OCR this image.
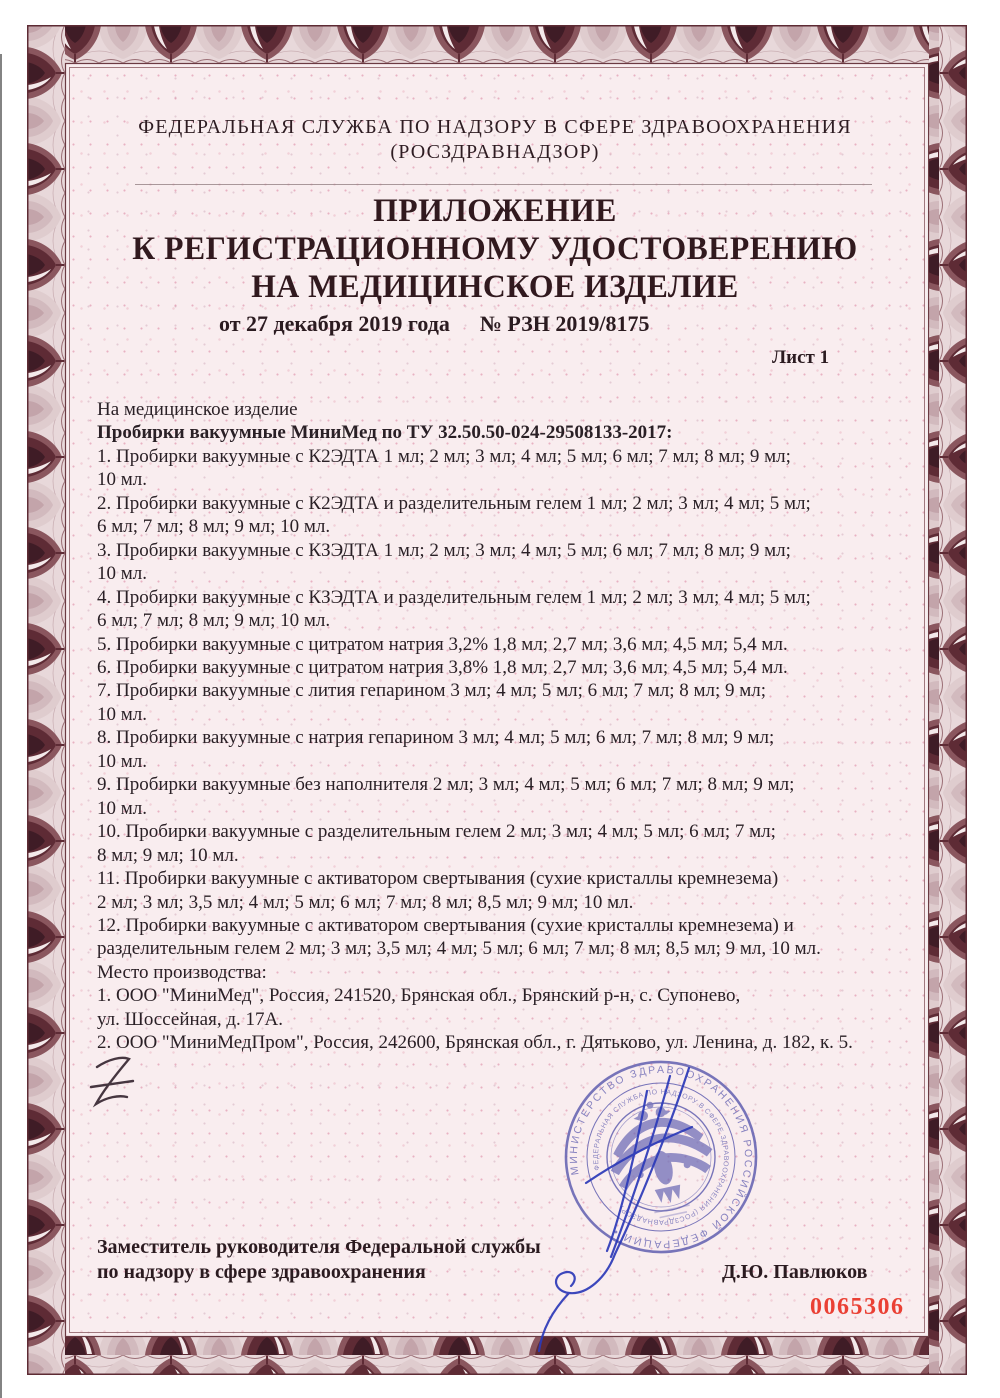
ФЕДЕРАЛЬНАЯ СЛУЖБА ПО НАДЗОРУ В СФЕРЕ ЗДРАВООХРАНЕНИЯ
(РОСЗДРАВНАДЗОР)
ПРИЛОЖЕНИЕ
К РЕГИСТРАЦИОННОМУ УДОСТОВЕРЕНИЮ
НА МЕДИЦИНСКОЕ ИЗДЕЛИЕ
от 27 декабря 2019 года № РЗН 2019/8175
Лист 1
На медицинское изделие
Пробирки вакуумные МиниМед по ТУ 32.50.50-024-29508133-2017:
1. Пробирки вакуумные с К2ЭДТА 1 мл; 2 мл; 3 мл; 4 мл; 5 мл; 6 мл; 7 мл; 8 мл; 9 мл;
10 мл.
2. Пробирки вакуумные с К2ЭДТА и разделительным гелем 1 мл; 2 мл; 3 мл; 4 мл; 5 мл;
6 мл; 7 мл; 8 мл; 9 мл; 10 мл.
3. Пробирки вакуумные с КЗЭДТА 1 мл; 2 мл; 3 мл; 4 мл; 5 мл; 6 мл; 7 мл; 8 мл; 9 мл;
10 мл.
4. Пробирки вакуумные с КЗЭДТА и разделительным гелем 1 мл; 2 мл; 3 мл; 4 мл; 5 мл;
6 мл; 7 мл; 8 мл; 9 мл; 10 мл.
5. Пробирки вакуумные с цитратом натрия 3,2% 1,8 мл; 2,7 мл; 3,6 мл; 4,5 мл; 5,4 мл.
6. Пробирки вакуумные с цитратом натрия 3,8% 1,8 мл; 2,7 мл; 3,6 мл; 4,5 мл; 5,4 мл.
7. Пробирки вакуумные с лития гепарином 3 мл; 4 мл; 5 мл; 6 мл; 7 мл; 8 мл; 9 мл;
10 мл.
8. Пробирки вакуумные с натрия гепарином 3 мл; 4 мл; 5 мл; 6 мл; 7 мл; 8 мл; 9 мл;
10 мл.
9. Пробирки вакуумные без наполнителя 2 мл; 3 мл; 4 мл; 5 мл; 6 мл; 7 мл; 8 мл; 9 мл;
10 мл.
10. Пробирки вакуумные с разделительным гелем 2 мл; 3 мл; 4 мл; 5 мл; 6 мл; 7 мл;
8 мл; 9 мл; 10 мл.
11. Пробирки вакуумные с активатором свертывания (сухие кристаллы кремнезема)
2 мл; 3 мл; 3,5 мл; 4 мл; 5 мл; 6 мл; 7 мл; 8 мл; 8,5 мл; 9 мл; 10 мл.
12. Пробирки вакуумные с активатором свертывания (сухие кристаллы кремнезема) и
разделительным гелем 2 мл; 3 мл; 3,5 мл; 4 мл; 5 мл; 6 мл; 7 мл; 8 мл; 8,5 мл; 9 мл, 10 мл.
Место производства:
1. ООО "МиниМед", Россия, 241520, Брянская обл., Брянский р-н, с. Супонево,
ул. Шоссейная, д. 17А.
2. ООО "МиниМедПром", Россия, 242600, Брянская обл., г. Дятьково, ул. Ленина, д. 182, к. 5.
Заместитель руководителя Федеральной службы
по надзору в сфере здравоохранения	Д.Ю. Павлюков
0065306
МИНИСТЕРСТВО ЗДРАВООХРАНЕНИЯ РОССИЙСКОЙ ФЕДЕРАЦИИ •
ФЕДЕРАЛЬНАЯ СЛУЖБА ПО НАДЗОРУ В СФЕРЕ ЗДРАВООХРАНЕНИЯ (РОСЗДРАВНАДЗОР)
